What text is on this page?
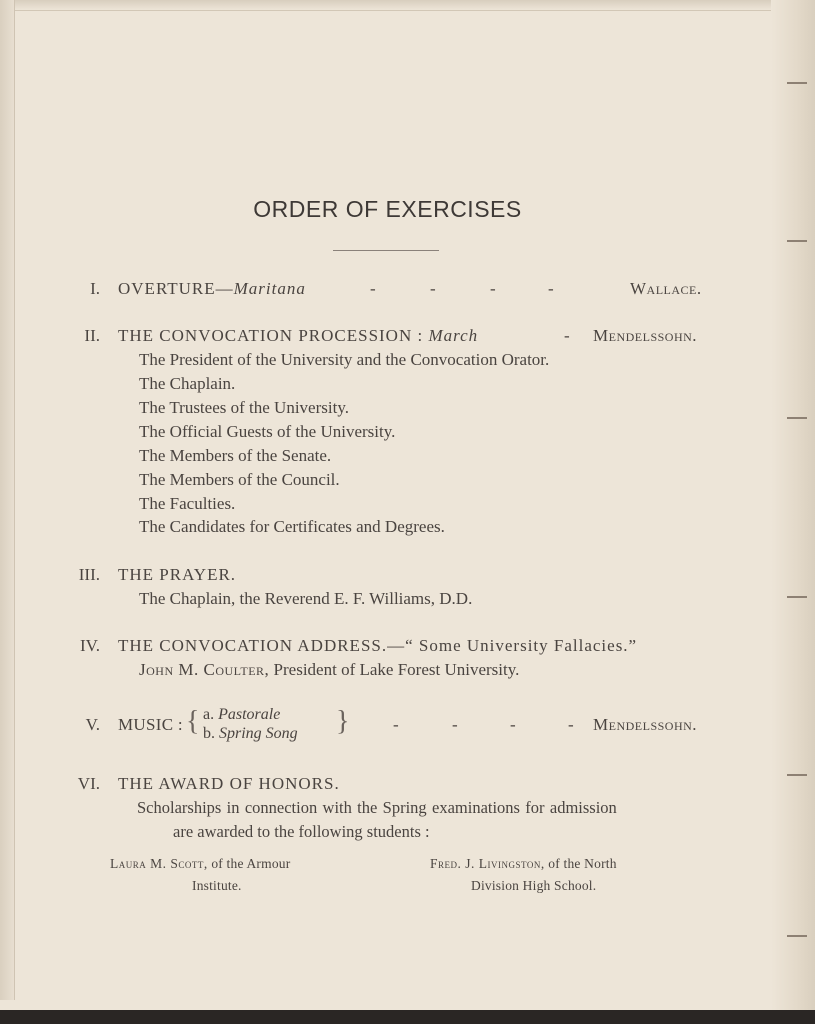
ORDER OF EXERCISES
I. OVERTURE—Maritana	-	-	-	-	Wallace.
II. THE CONVOCATION PROCESSION : March	- Mendelssohn.
The President of the University and the Convocation Orator.
The Chaplain.
The Trustees of the University.
The Official Guests of the University.
The Members of the Senate.
The Members of the Council.
The Faculties.
The Candidates for Certificates and Degrees.
III. THE PRAYER.
The Chaplain, the Reverend E. F. Williams, D.D.
IV. THE CONVOCATION ADDRESS.—“ Some University Fallacies.”
John M. Coulter, President of Lake Forest University.
V. MUSIC : { a. Pastorale
b. Spring Song }	-	-	-	- Mendelssohn.
VI. THE AWARD OF HONORS.
Scholarships in connection with the Spring examinations for admission
are awarded to the following students :
Laura M. Scott, of the Armour
Institute.
Fred. J. Livingston, of the North
Division High School.
